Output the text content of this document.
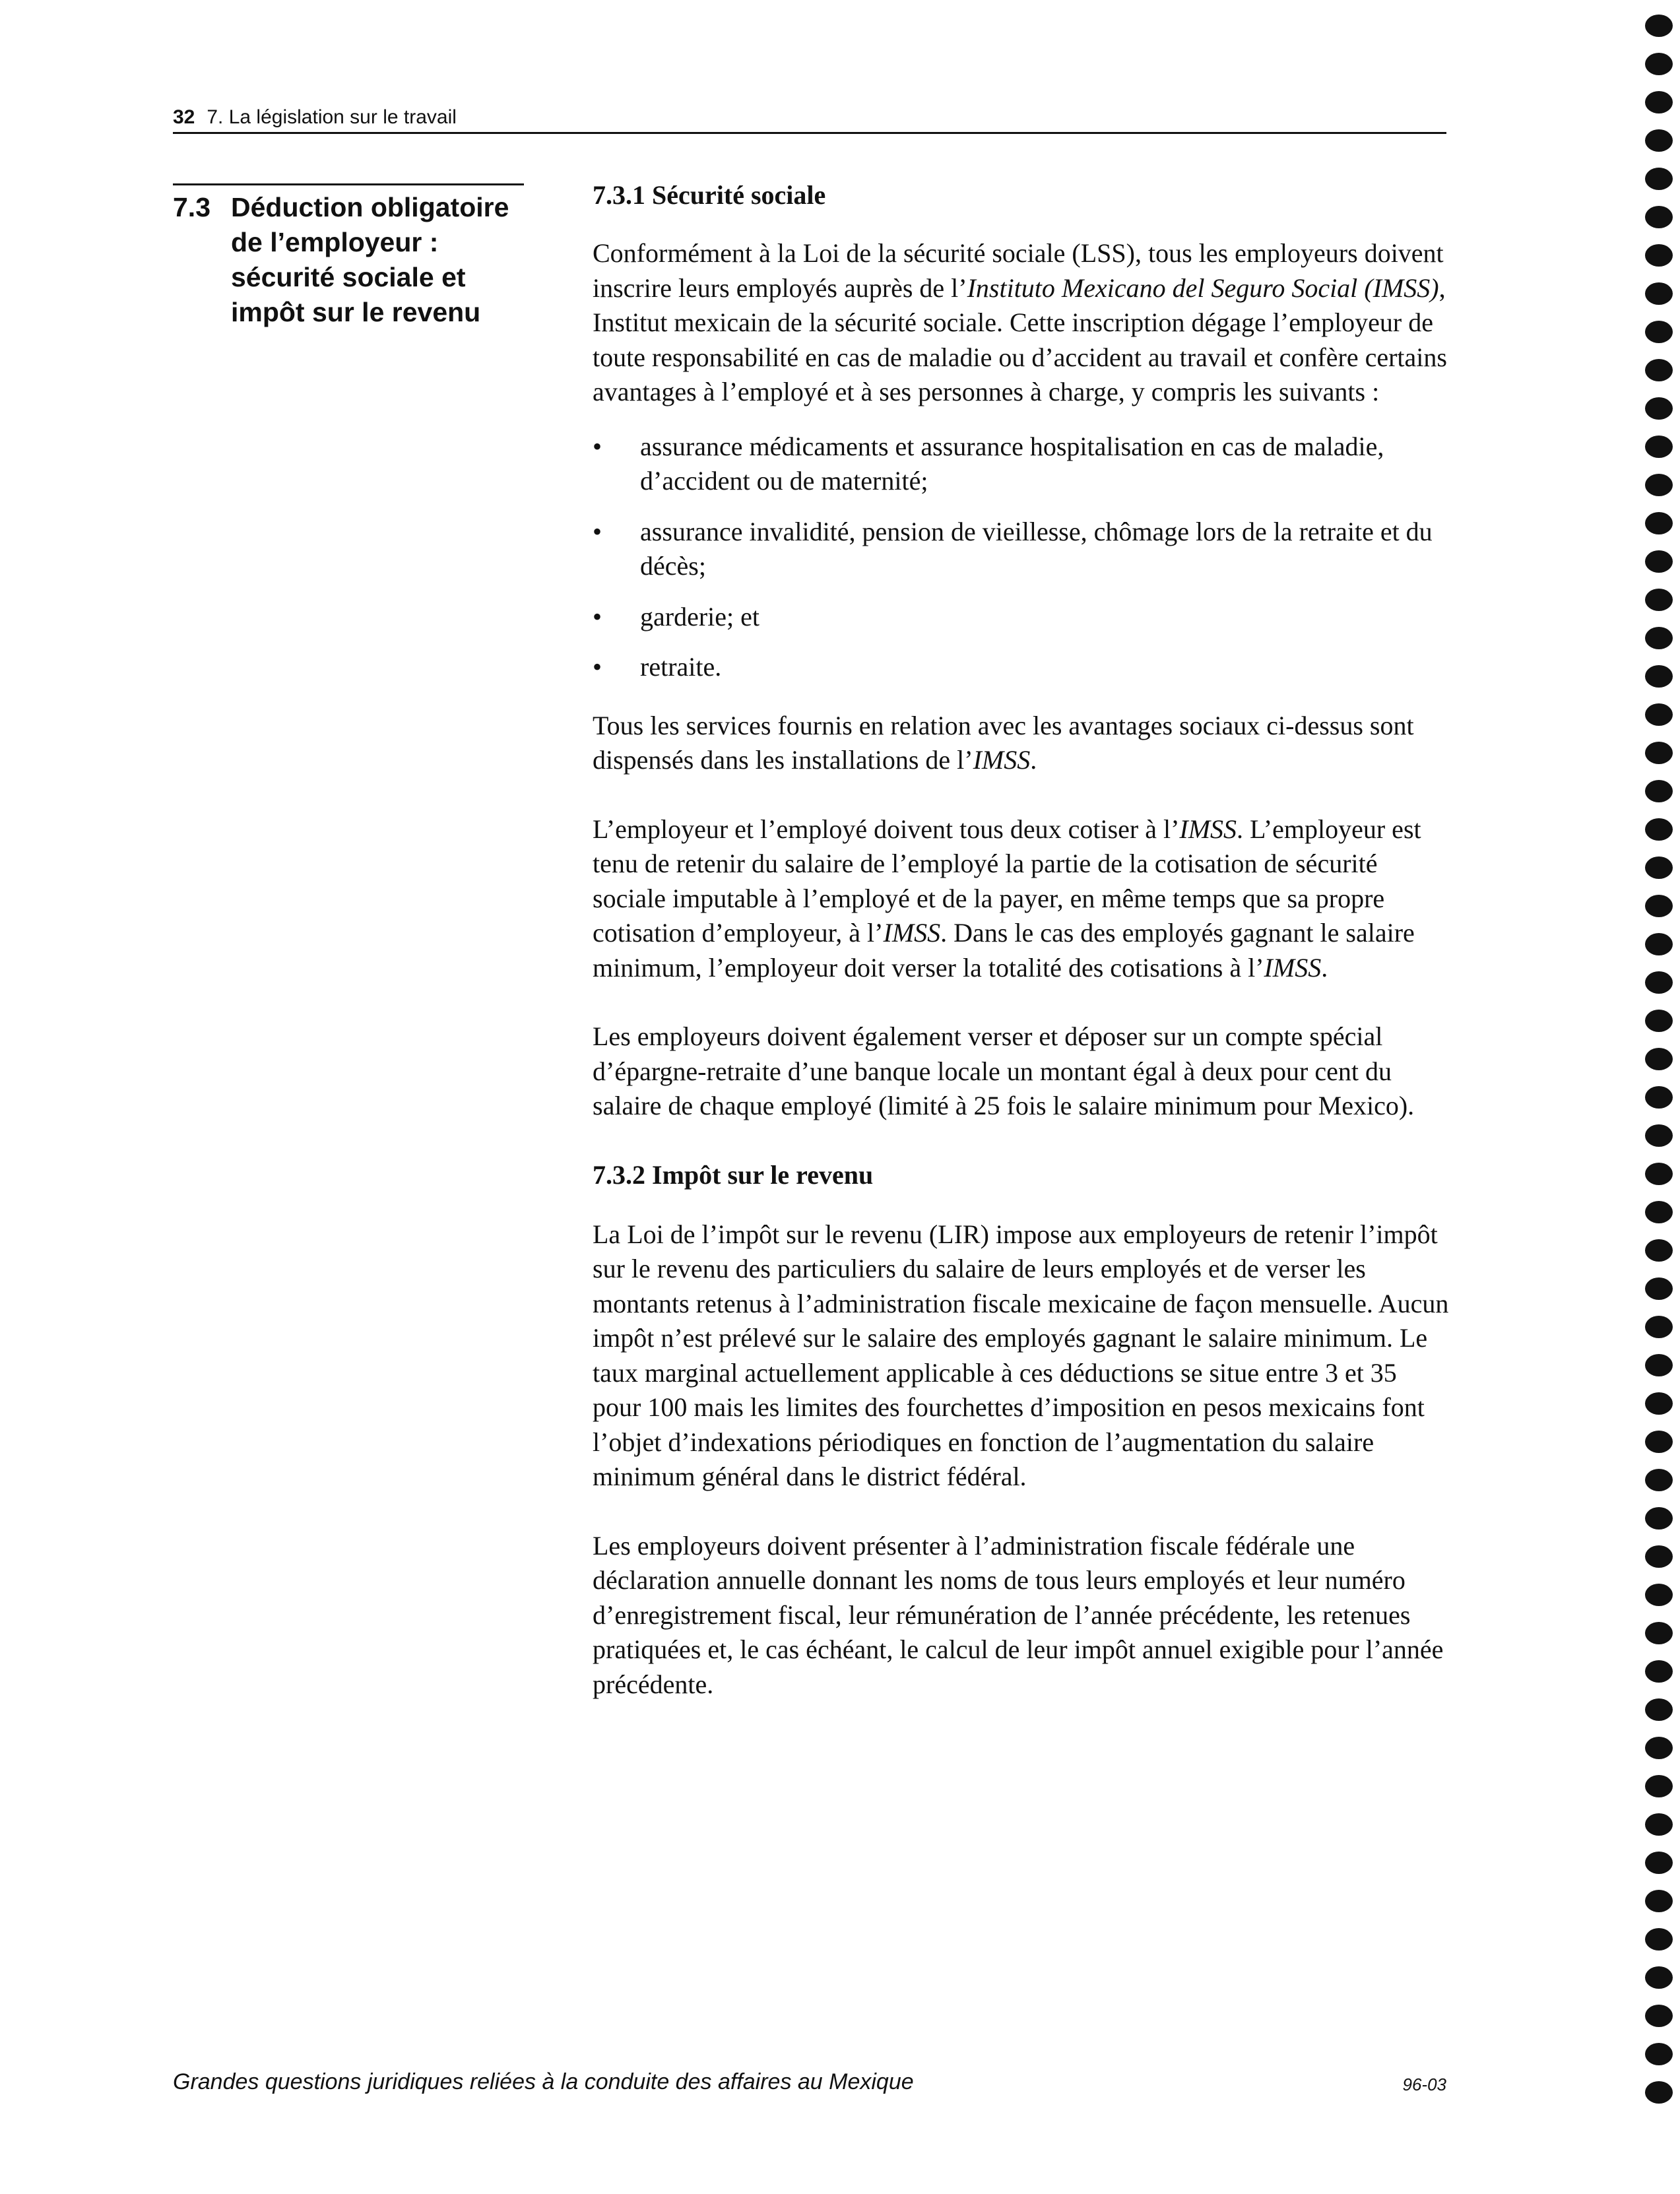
32 7. La législation sur le travail
7.3 Déduction obligatoire de l’employeur : sécurité sociale et impôt sur le revenu
7.3.1 Sécurité sociale

Conformément à la Loi de la sécurité sociale (LSS), tous les employeurs doivent inscrire leurs employés auprès de l’Instituto Mexicano del Seguro Social (IMSS), Institut mexicain de la sécurité sociale. Cette inscription dégage l’employeur de toute responsabilité en cas de maladie ou d’accident au travail et confère certains avantages à l’employé et à ses personnes à charge, y compris les suivants :

•	assurance médicaments et assurance hospitalisation en cas de maladie, d’accident ou de maternité;
•	assurance invalidité, pension de vieillesse, chômage lors de la retraite et du décès;
•	garderie; et
•	retraite.

Tous les services fournis en relation avec les avantages sociaux ci-dessus sont dispensés dans les installations de l’IMSS.

L’employeur et l’employé doivent tous deux cotiser à l’IMSS. L’employeur est tenu de retenir du salaire de l’employé la partie de la cotisation de sécurité sociale imputable à l’employé et de la payer, en même temps que sa propre cotisation d’employeur, à l’IMSS. Dans le cas des employés gagnant le salaire minimum, l’employeur doit verser la totalité des cotisations à l’IMSS.

Les employeurs doivent également verser et déposer sur un compte spécial d’épargne-retraite d’une banque locale un montant égal à deux pour cent du salaire de chaque employé (limité à 25 fois le salaire minimum pour Mexico).

7.3.2 Impôt sur le revenu

La Loi de l’impôt sur le revenu (LIR) impose aux employeurs de retenir l’impôt sur le revenu des particuliers du salaire de leurs employés et de verser les montants retenus à l’administration fiscale mexicaine de façon mensuelle. Aucun impôt n’est prélevé sur le salaire des employés gagnant le salaire minimum. Le taux marginal actuellement applicable à ces déductions se situe entre 3 et 35 pour 100 mais les limites des fourchettes d’imposition en pesos mexicains font l’objet d’indexations périodiques en fonction de l’augmentation du salaire minimum général dans le district fédéral.

Les employeurs doivent présenter à l’administration fiscale fédérale une déclaration annuelle donnant les noms de tous leurs employés et leur numéro d’enregistrement fiscal, leur rémunération de l’année précédente, les retenues pratiquées et, le cas échéant, le calcul de leur impôt annuel exigible pour l’année précédente.

Grandes questions juridiques reliées à la conduite des affaires au Mexique	96-03
